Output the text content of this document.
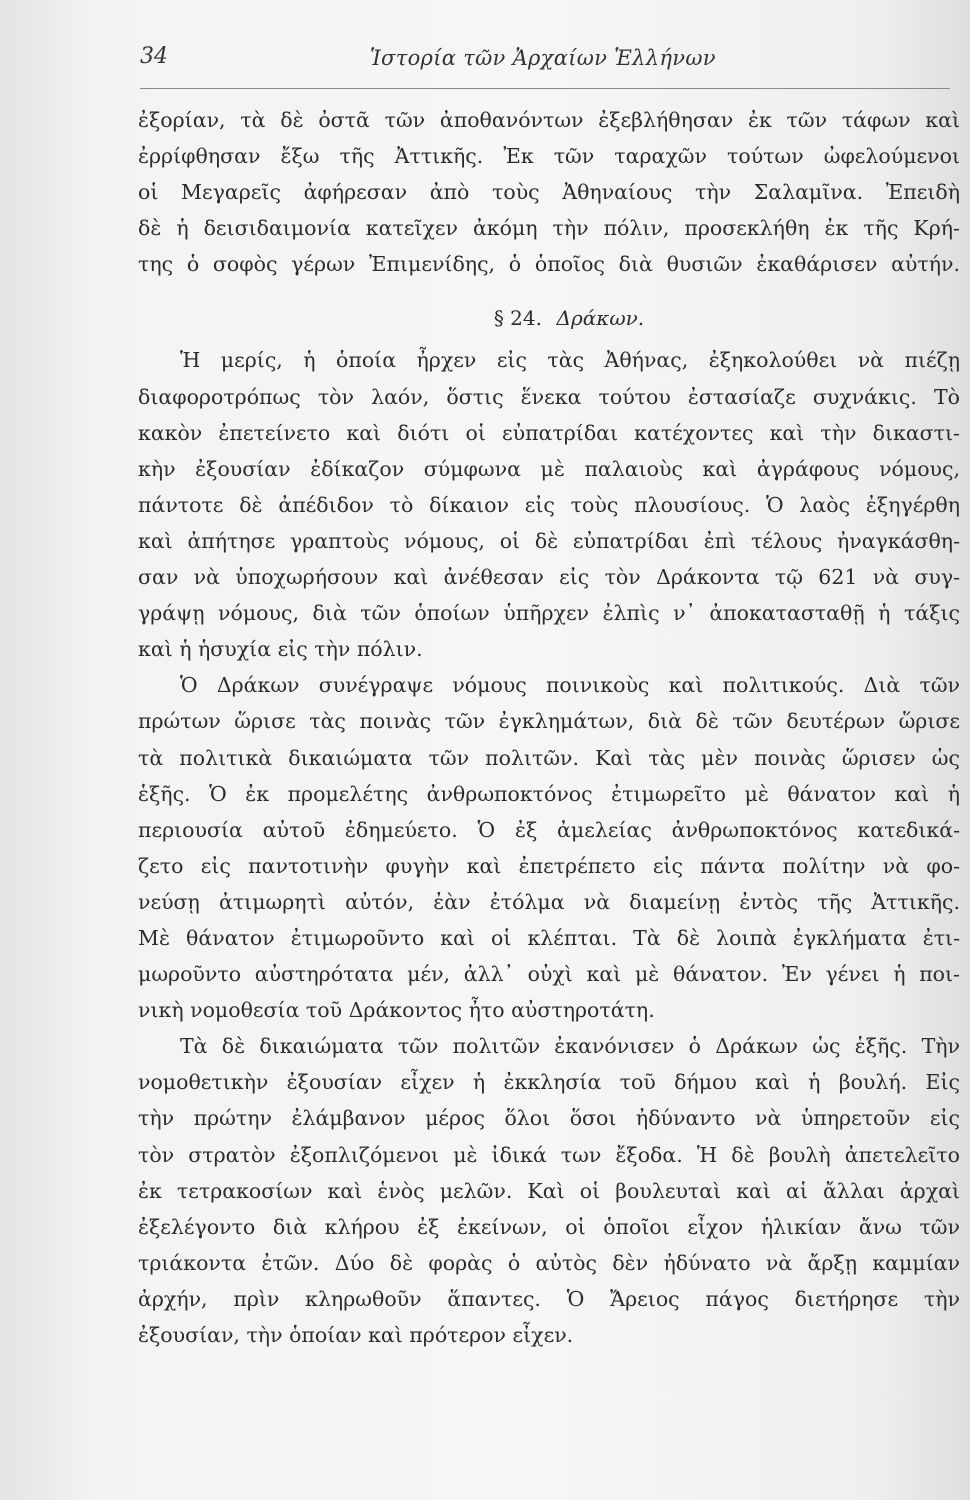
34	Ἱστορία τῶν Ἀρχαίων Ἑλλήνων
ἐξορίαν, τὰ δὲ ὀστᾶ τῶν ἀποθανόντων ἐξεβλήθησαν ἐκ τῶν τάφων καὶ
ἐρρίφθησαν ἔξω τῆς Ἀττικῆς. Ἐκ τῶν ταραχῶν τούτων ὠφελούμενοι
οἱ Μεγαρεῖς ἀφήρεσαν ἀπὸ τοὺς Ἀθηναίους τὴν Σαλαμῖνα. Ἐπειδὴ
δὲ ἡ δεισιδαιμονία κατεῖχεν ἀκόμη τὴν πόλιν, προσεκλήθη ἐκ τῆς Κρή-
της ὁ σοφὸς γέρων Ἐπιμενίδης, ὁ ὁποῖος διὰ θυσιῶν ἐκαθάρισεν αὐτήν.
§ 24. Δράκων.
Ἡ μερίς, ἡ ὁποία ἦρχεν εἰς τὰς Ἀθήνας, ἐξηκολούθει νὰ πιέζῃ
διαφοροτρόπως τὸν λαόν, ὅστις ἕνεκα τούτου ἐστασίαζε συχνάκις. Τὸ
κακὸν ἐπετείνετο καὶ διότι οἱ εὐπατρίδαι κατέχοντες καὶ τὴν δικαστι-
κὴν ἐξουσίαν ἐδίκαζον σύμφωνα μὲ παλαιοὺς καὶ ἀγράφους νόμους,
πάντοτε δὲ ἀπέδιδον τὸ δίκαιον εἰς τοὺς πλουσίους. Ὁ λαὸς ἐξηγέρθη
καὶ ἀπήτησε γραπτοὺς νόμους, οἱ δὲ εὐπατρίδαι ἐπὶ τέλους ἠναγκάσθη-
σαν νὰ ὑποχωρήσουν καὶ ἀνέθεσαν εἰς τὸν Δράκοντα τῷ 621 νὰ συγ-
γράψῃ νόμους, διὰ τῶν ὁποίων ὑπῆρχεν ἐλπὶς ν᾽ ἀποκατασταθῇ ἡ τάξις
καὶ ἡ ἡσυχία εἰς τὴν πόλιν.
Ὁ Δράκων συνέγραψε νόμους ποινικοὺς καὶ πολιτικούς. Διὰ τῶν
πρώτων ὥρισε τὰς ποινὰς τῶν ἐγκλημάτων, διὰ δὲ τῶν δευτέρων ὥρισε
τὰ πολιτικὰ δικαιώματα τῶν πολιτῶν. Καὶ τὰς μὲν ποινὰς ὥρισεν ὡς
ἑξῆς. Ὁ ἐκ προμελέτης ἀνθρωποκτόνος ἐτιμωρεῖτο μὲ θάνατον καὶ ἡ
περιουσία αὐτοῦ ἐδημεύετο. Ὁ ἐξ ἀμελείας ἀνθρωποκτόνος κατεδικά-
ζετο εἰς παντοτινὴν φυγὴν καὶ ἐπετρέπετο εἰς πάντα πολίτην νὰ φο-
νεύσῃ ἀτιμωρητὶ αὐτόν, ἐὰν ἐτόλμα νὰ διαμείνῃ ἐντὸς τῆς Ἀττικῆς.
Μὲ θάνατον ἐτιμωροῦντο καὶ οἱ κλέπται. Τὰ δὲ λοιπὰ ἐγκλήματα ἐτι-
μωροῦντο αὐστηρότατα μέν, ἀλλ᾽ οὐχὶ καὶ μὲ θάνατον. Ἐν γένει ἡ ποι-
νικὴ νομοθεσία τοῦ Δράκοντος ἦτο αὐστηροτάτη.
Τὰ δὲ δικαιώματα τῶν πολιτῶν ἐκανόνισεν ὁ Δράκων ὡς ἑξῆς. Τὴν
νομοθετικὴν ἐξουσίαν εἶχεν ἡ ἐκκλησία τοῦ δήμου καὶ ἡ βουλή. Εἰς
τὴν πρώτην ἐλάμβανον μέρος ὅλοι ὅσοι ἠδύναντο νὰ ὑπηρετοῦν εἰς
τὸν στρατὸν ἐξοπλιζόμενοι μὲ ἰδικά των ἔξοδα. Ἡ δὲ βουλὴ ἀπετελεῖτο
ἐκ τετρακοσίων καὶ ἑνὸς μελῶν. Καὶ οἱ βουλευταὶ καὶ αἱ ἄλλαι ἀρχαὶ
ἐξελέγοντο διὰ κλήρου ἐξ ἐκείνων, οἱ ὁποῖοι εἶχον ἡλικίαν ἄνω τῶν
τριάκοντα ἐτῶν. Δύο δὲ φορὰς ὁ αὐτὸς δὲν ἠδύνατο νὰ ἄρξῃ καμμίαν
ἀρχήν, πρὶν κληρωθοῦν ἅπαντες. Ὁ Ἄρειος πάγος διετήρησε τὴν
ἐξουσίαν, τὴν ὁποίαν καὶ πρότερον εἶχεν.
